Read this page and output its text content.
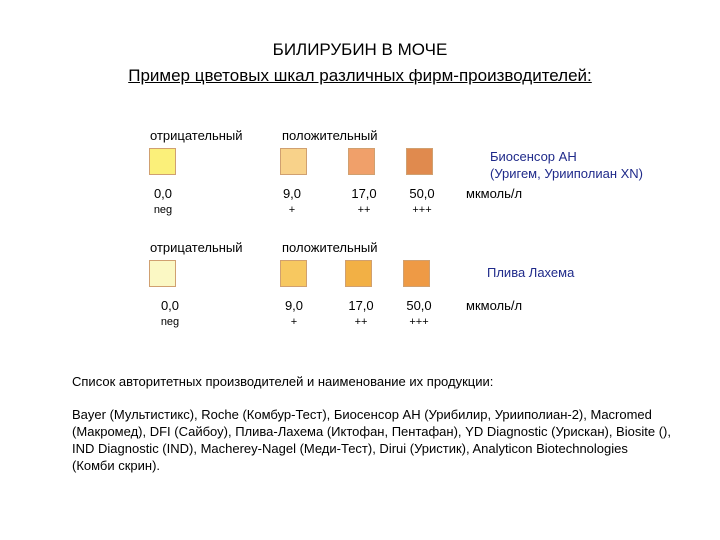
БИЛИРУБИН В МОЧЕ
Пример цветовых шкал различных фирм-производителей:
отрицательный	положительный
Биосенсор АН
(Уригем, Урииполиан XN)
0,0
neg
9,0
+
17,0
++
50,0
+++
мкмоль/л
отрицательный	положительный
Плива Лахема
0,0
neg
9,0
+
17,0
++
50,0
+++
мкмоль/л
Список авторитетных производителей и наименование их продукции:
Bayer (Мультистикс), Roche (Комбур-Тест), Биосенсор АН (Урибилир, Урииполиан-2), Macromed (Макромед), DFI (Сайбоу), Плива-Лахема (Иктофан, Пентафан), YD Diagnostic (Урискан), Biosite (), IND Diagnostic (IND), Macherey-Nagel (Меди-Тест), Dirui (Уристик), Analyticon Biotechnologies (Комби скрин).
